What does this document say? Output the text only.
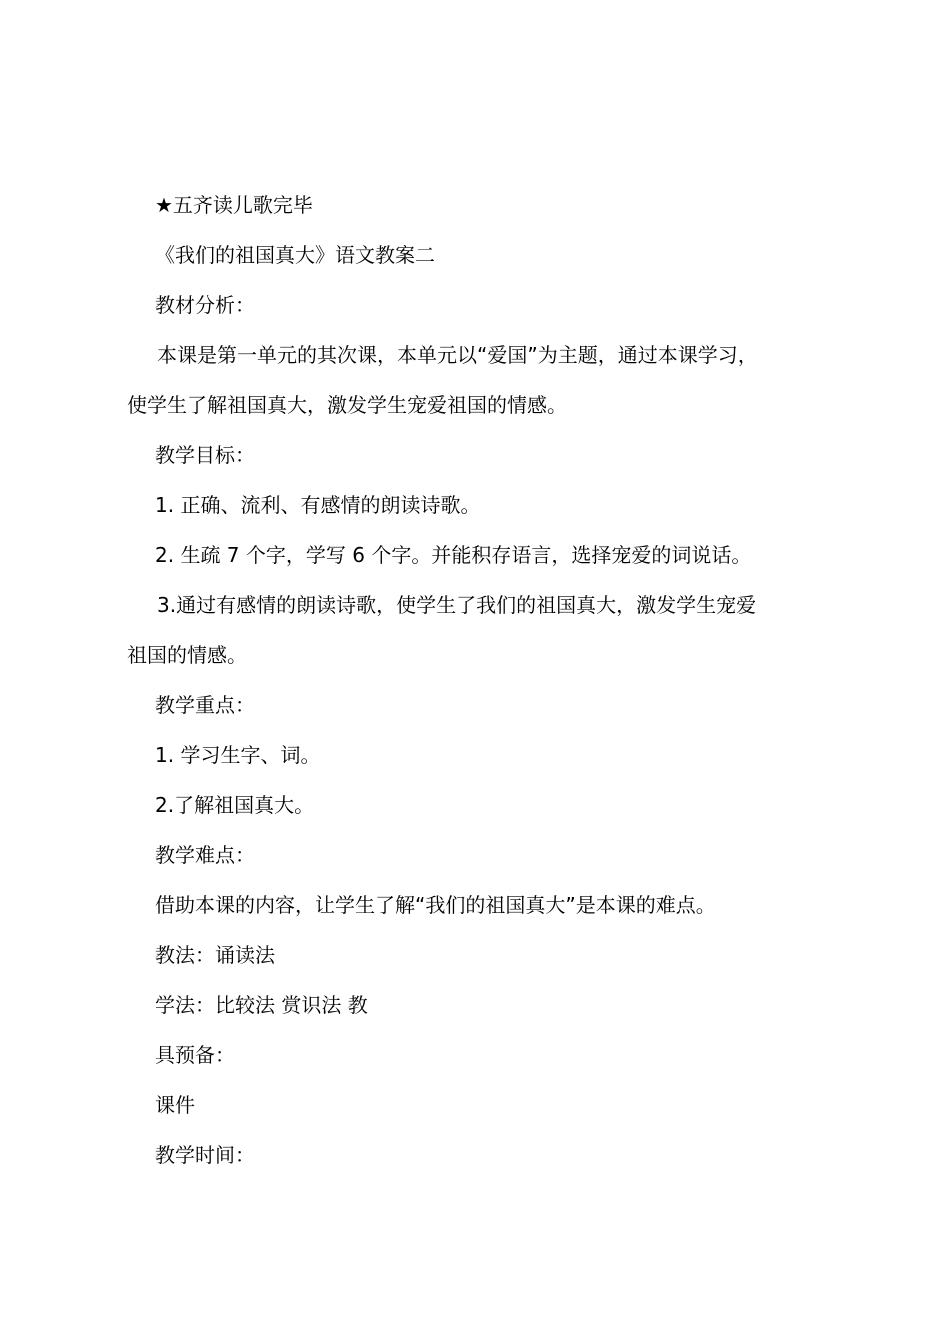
★五齐读儿歌完毕
《我们的祖国真大》语文教案二
教材分析：
本课是第一单元的其次课，本单元以“爱国”为主题，通过本课学习，
使学生了解祖国真大，激发学生宠爱祖国的情感。
教学目标：
1. 正确、流利、有感情的朗读诗歌。
2. 生疏 7 个字，学写 6 个字。并能积存语言，选择宠爱的词说话。
3.通过有感情的朗读诗歌，使学生了我们的祖国真大，激发学生宠爱
祖国的情感。
教学重点：
1. 学习生字、词。
2.了解祖国真大。
教学难点：
借助本课的内容，让学生了解“我们的祖国真大”是本课的难点。
教法：诵读法
学法：比较法 赏识法 教
具预备：
课件
教学时间：
